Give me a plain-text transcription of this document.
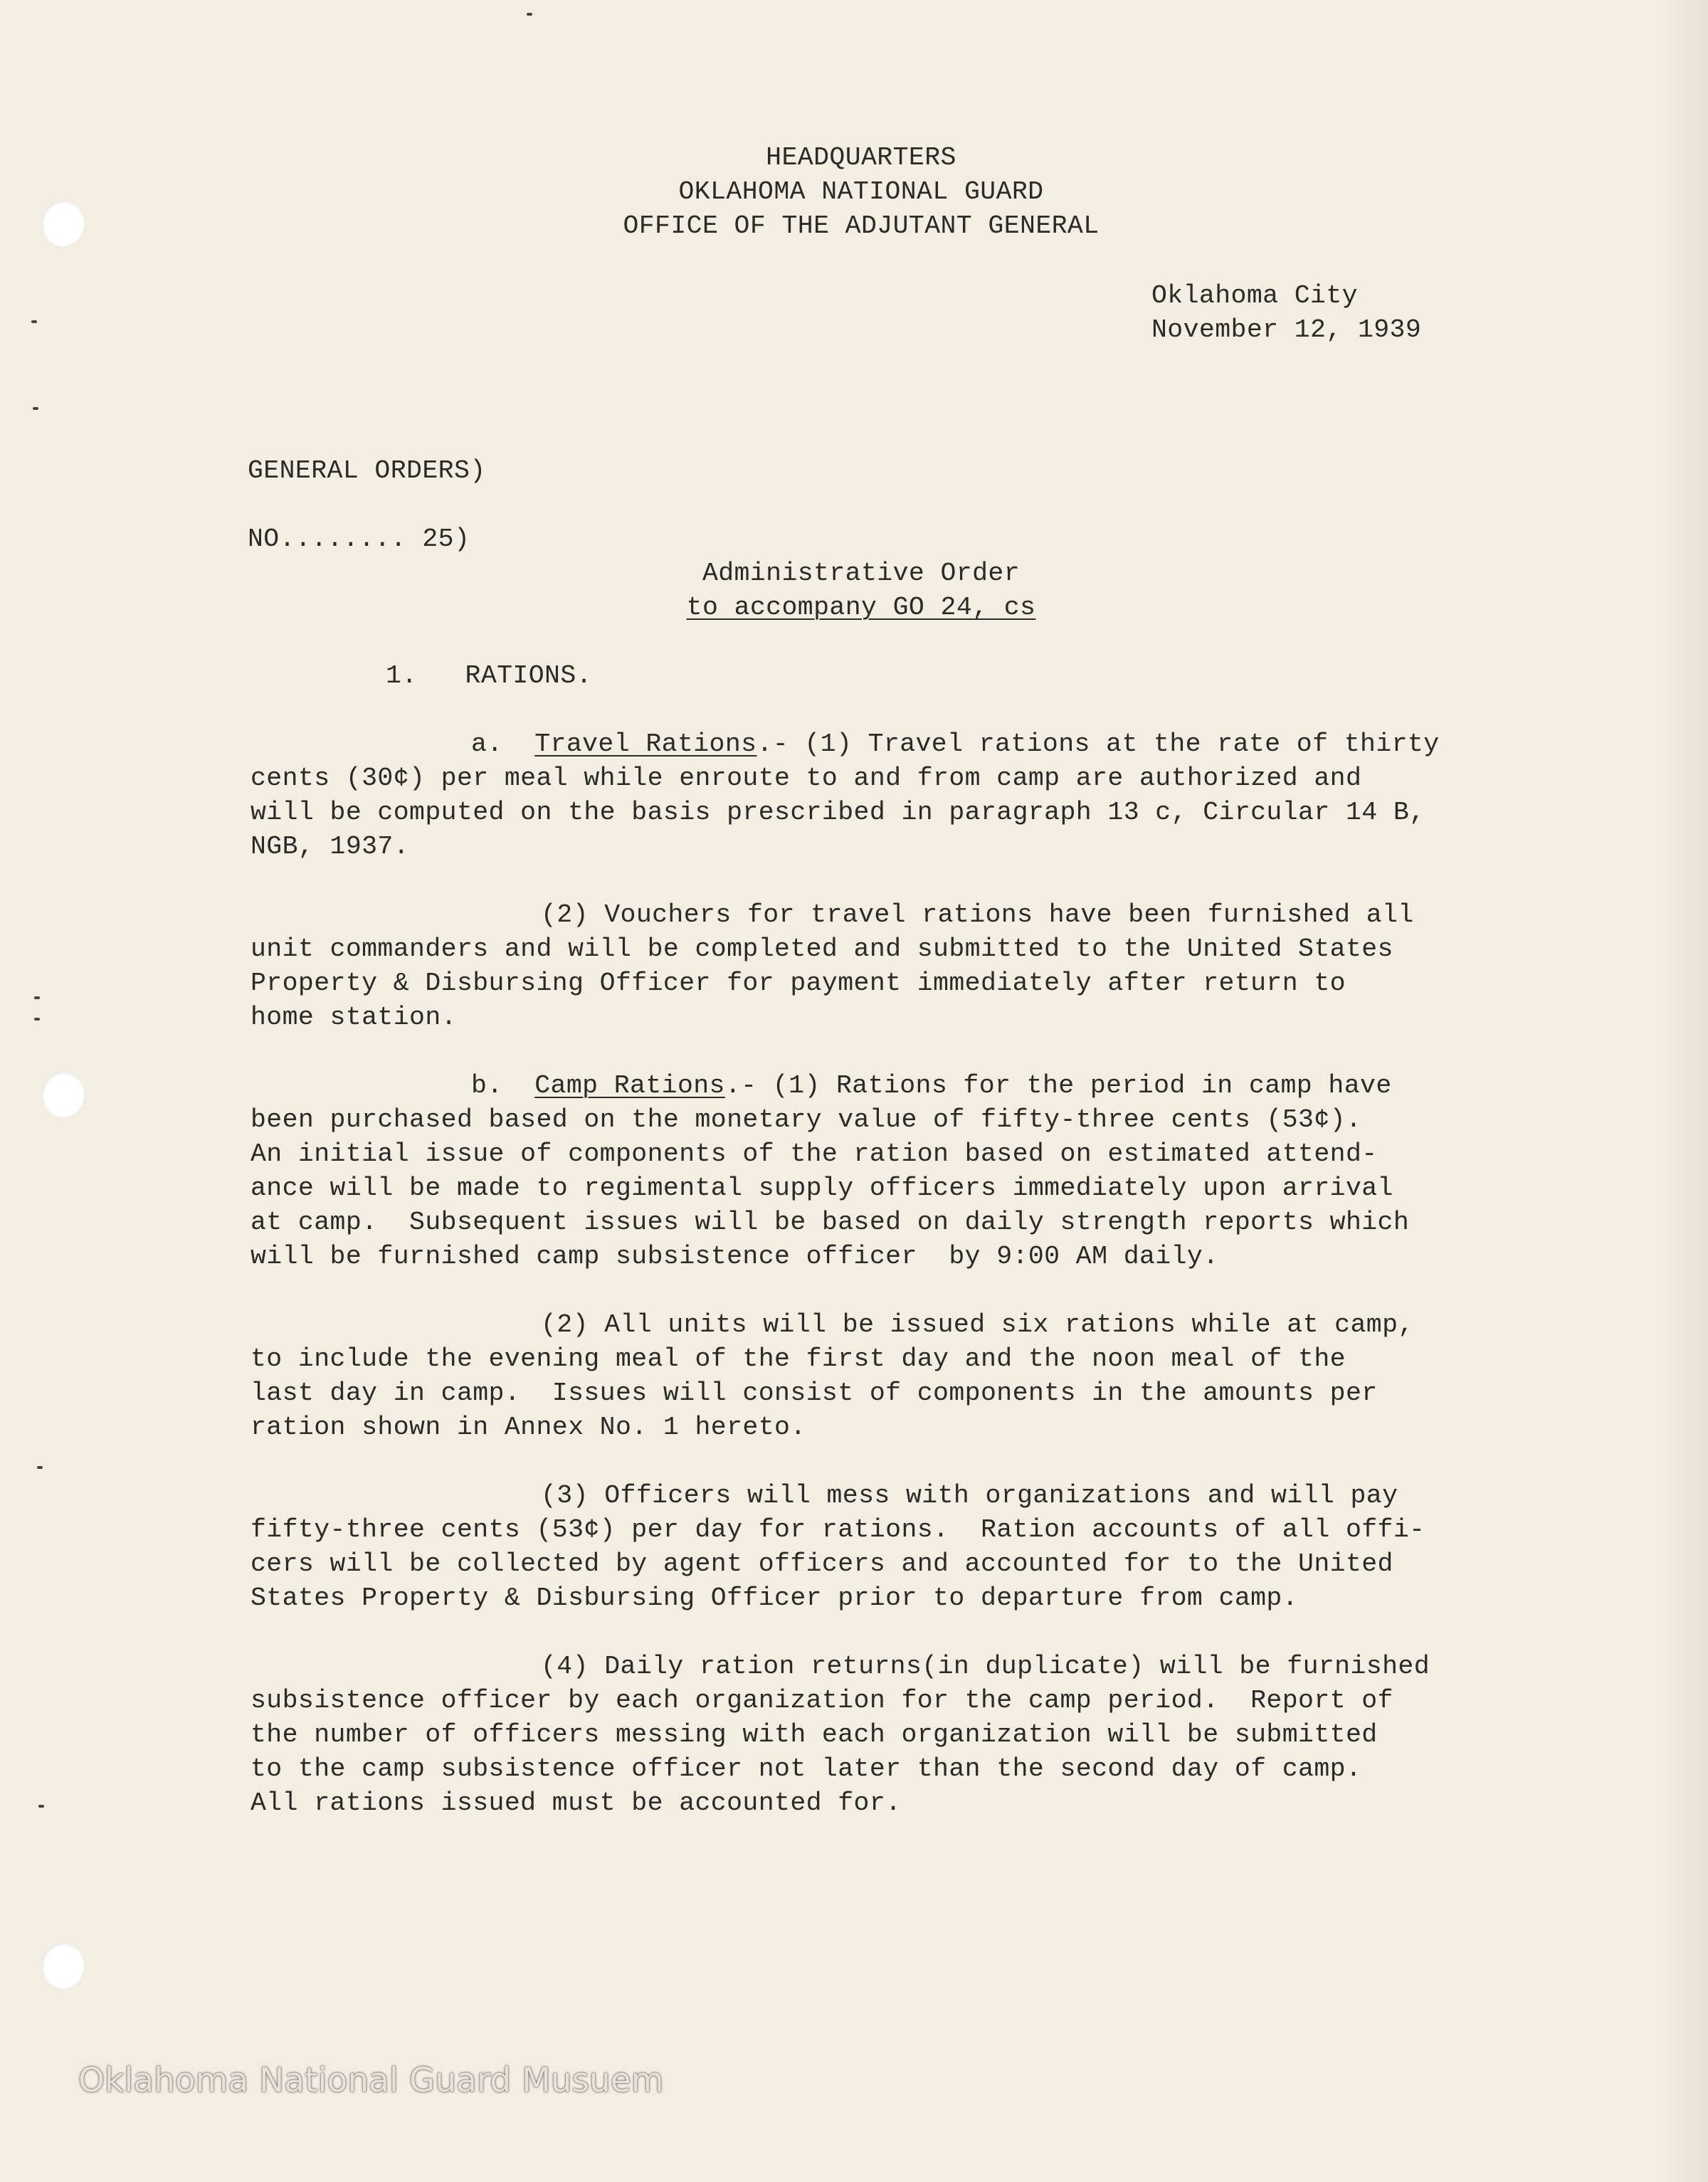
HEADQUARTERS

OKLAHOMA NATIONAL GUARD

OFFICE OF THE ADJUTANT GENERAL

Oklahoma City

November 12, 1939

GENERAL ORDERS)

NO........ 25)

Administrative Order

to accompany GO 24, cs

1.   RATIONS.

a. Travel Rations.- (1) Travel rations at the rate of thirty

cents (30¢) per meal while enroute to and from camp are authorized and

will be computed on the basis prescribed in paragraph 13 c, Circular 14 B,

NGB, 1937.

(2) Vouchers for travel rations have been furnished all

unit commanders and will be completed and submitted to the United States

Property & Disbursing Officer for payment immediately after return to

home station.

b. Camp Rations.- (1) Rations for the period in camp have

been purchased based on the monetary value of fifty-three cents (53¢).

An initial issue of components of the ration based on estimated attend-

ance will be made to regimental supply officers immediately upon arrival

at camp.  Subsequent issues will be based on daily strength reports which

will be furnished camp subsistence officer  by 9:00 AM daily.

(2) All units will be issued six rations while at camp,

to include the evening meal of the first day and the noon meal of the

last day in camp.  Issues will consist of components in the amounts per

ration shown in Annex No. 1 hereto.

(3) Officers will mess with organizations and will pay

fifty-three cents (53¢) per day for rations.  Ration accounts of all offi-

cers will be collected by agent officers and accounted for to the United

States Property & Disbursing Officer prior to departure from camp.

(4) Daily ration returns(in duplicate) will be furnished

subsistence officer by each organization for the camp period.  Report of

the number of officers messing with each organization will be submitted

to the camp subsistence officer not later than the second day of camp.

All rations issued must be accounted for.

Oklahoma National Guard Musuem
